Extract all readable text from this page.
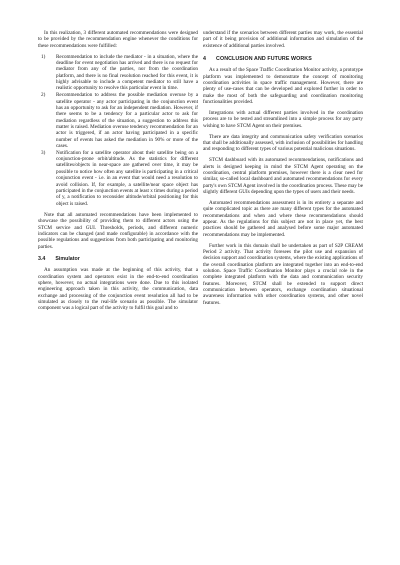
In this realization, 3 different automated recommendations were designed to be provided by the recommendation engine whenever the conditions for these recommendations were fulfilled:

1) Recommendation to include the mediator - in a situation, where the deadline for event negotiation has arrived and there is no request for mediator from any of the parties, nor from the coordination platform, and there is no final resolution reached for this event, it is highly advisable to include a competent mediator to still have a realistic opportunity to resolve this particular event in time.
2) Recommendation to address the possible mediation overuse by a satellite operator - any actor participating in the conjunction event has an opportunity to ask for an independent mediation. However, if there seems to be a tendency for a particular actor to ask for mediation regardless of the situation, a suggestion to address this matter is raised. Mediation overuse tendency recommendation for an actor is triggered, if an actor having participated in a specific number of events has asked the mediation in 90% or more of the cases.
3) Notification for a satellite operator about their satellite being on a conjunction-prone orbit/altitude. As the statistics for different satellites/objects in near-space are gathered over time, it may be possible to notice how often any satellite is participating in a critical conjunction event - i.e. in an event that would need a resolution to avoid collision. If, for example, a satellite/near space object has participated in the conjunction events at least x times during a period of y, a notification to reconsider altitude/orbital positioning for this object is raised.

Note that all automated recommendations have been implemented to showcase the possibility of providing them to different actors using the STCM service and GUI. Thresholds, periods, and different numeric indicators can be changed (and made configurable) in accordance with the possible regulations and suggestions from both participating and monitoring parties.

3.4 Simulator

An assumption was made at the beginning of this activity, that a coordination system and operators exist in the end-to-end coordination sphere, however, no actual integrations were done. Due to this isolated engineering approach taken in this activity, the communication, data exchange and processing of the conjunction event resolution all had to be simulated as closely to the real-life scenario as possible. The simulator component was a logical part of the activity to fulfil this goal and to

understand if the scenarios between different parties may work, the essential part of it being provision of additional information and simulation of the existence of additional parties involved.

4 CONCLUSION AND FUTURE WORKS

As a result of the Space Traffic Coordination Monitor activity, a prototype platform was implemented to demonstrate the concept of monitoring coordination activities in space traffic management. However, there are plenty of use-cases that can be developed and explored further in order to make the most of both the safeguarding and coordination monitoring functionalities provided.

Integrations with actual different parties involved in the coordination process are to be tested and streamlined into a simple process for any party wishing to have STCM Agent on their premises.

There are data integrity and communication safety verification scenarios that shall be additionally assessed, with inclusion of possibilities for handling and responding to different types of various potential malicious situations.

STCM dashboard with its automated recommendations, notifications and alerts is designed keeping in mind the STCM Agent operating on the coordination, central platform premises, however there is a clear need for similar, so-called local dashboard and automated recommendations for every party's own STCM Agent involved in the coordination process. These may be slightly different GUIs depending upon the types of users and their needs.

Automated recommendations assessment is in its entirety a separate and quite complicated topic as there are many different types for the automated recommendations and when and where these recommendations should appear. As the regulations for this subject are not in place yet, the best practices should be gathered and analysed before some major automated recommendations may be implemented.

Further work in this domain shall be undertaken as part of S2P CREAM Period 2 activity. That activity foresees the pilot use and expansion of decision support and coordination systems, where the existing applications of the overall coordination platform are integrated together into an end-to-end solution. Space Traffic Coordination Monitor plays a crucial role in the complete integrated platform with the data and communication security features. Moreover, STCM shall be extended to support direct communication between operators, exchange coordination situational awareness information with other coordination systems, and other novel features.
